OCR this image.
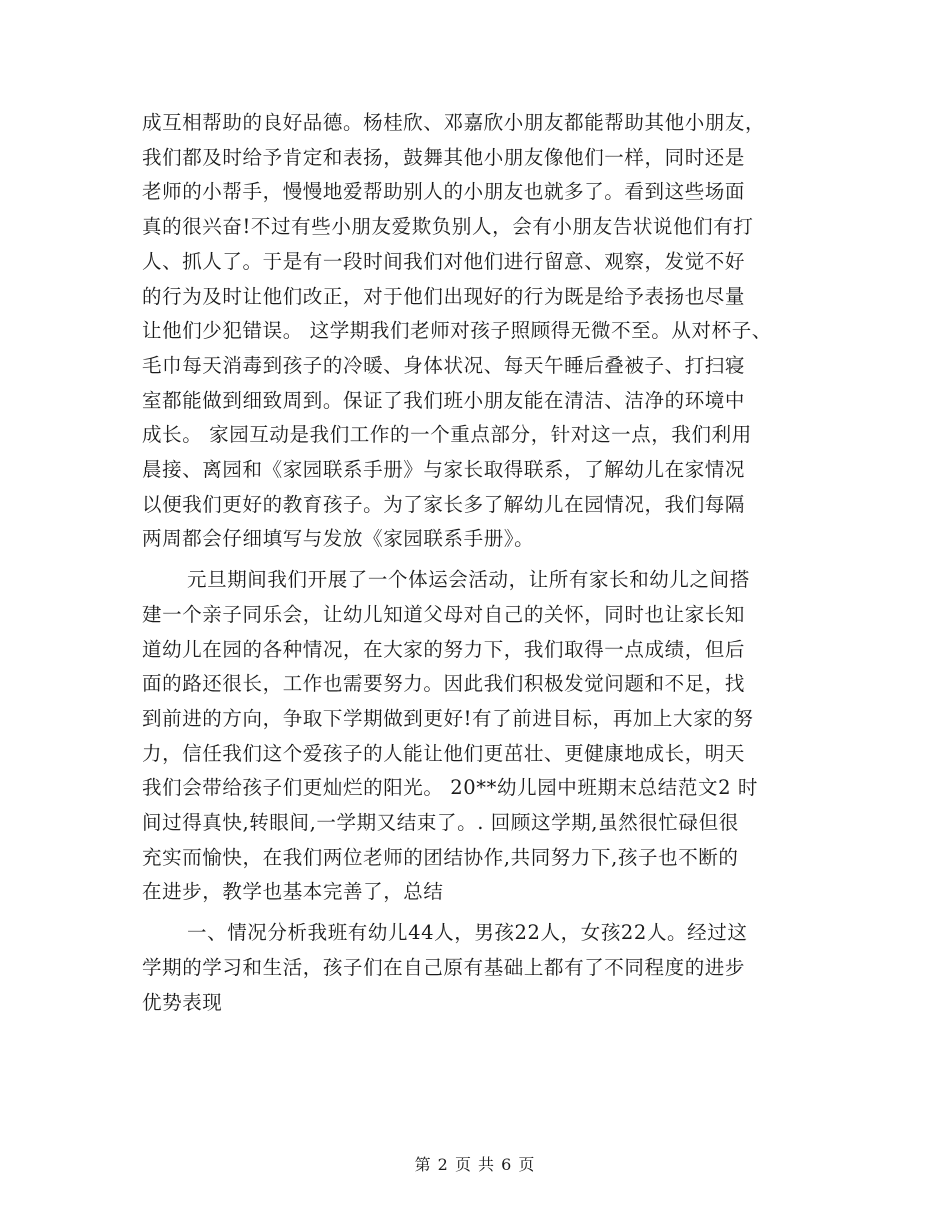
成互相帮助的良好品德。杨桂欣、邓嘉欣小朋友都能帮助其他小朋友，
我们都及时给予肯定和表扬，鼓舞其他小朋友像他们一样，同时还是
老师的小帮手，慢慢地爱帮助别人的小朋友也就多了。看到这些场面
真的很兴奋!不过有些小朋友爱欺负别人，会有小朋友告状说他们有打
人、抓人了。于是有一段时间我们对他们进行留意、观察，发觉不好
的行为及时让他们改正，对于他们出现好的行为既是给予表扬也尽量
让他们少犯错误。 这学期我们老师对孩子照顾得无微不至。从对杯子、
毛巾每天消毒到孩子的冷暖、身体状况、每天午睡后叠被子、打扫寝
室都能做到细致周到。保证了我们班小朋友能在清洁、洁净的环境中
成长。 家园互动是我们工作的一个重点部分，针对这一点，我们利用
晨接、离园和《家园联系手册》与家长取得联系，了解幼儿在家情况
以便我们更好的教育孩子。为了家长多了解幼儿在园情况，我们每隔
两周都会仔细填写与发放《家园联系手册》。

元旦期间我们开展了一个体运会活动，让所有家长和幼儿之间搭
建一个亲子同乐会，让幼儿知道父母对自己的关怀，同时也让家长知
道幼儿在园的各种情况，在大家的努力下，我们取得一点成绩，但后
面的路还很长，工作也需要努力。因此我们积极发觉问题和不足，找
到前进的方向，争取下学期做到更好!有了前进目标，再加上大家的努
力，信任我们这个爱孩子的人能让他们更茁壮、更健康地成长，明天
我们会带给孩子们更灿烂的阳光。 20**幼儿园中班期末总结范文2 时
间过得真快,转眼间,一学期又结束了。. 回顾这学期,虽然很忙碌但很
充实而愉快，在我们两位老师的团结协作,共同努力下,孩子也不断的
在进步，教学也基本完善了，总结

一、情况分析我班有幼儿44人，男孩22人，女孩22人。经过这
学期的学习和生活，孩子们在自己原有基础上都有了不同程度的进步
优势表现

第 2 页 共 6 页
